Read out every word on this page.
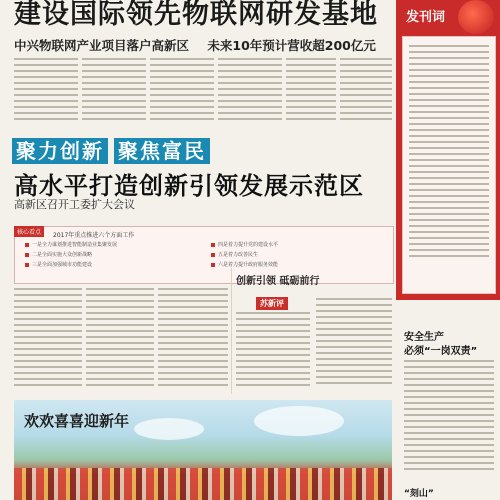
建设国际领先物联网研发基地
中兴物联网产业项目落户高新区 未来10年预计营收超200亿元
聚力创新 聚焦富民
高水平打造创新引领发展示范区
高新区召开工委扩大会议
核心看点	2017年重点推进六个方面工作
一是全力谋划推进智能制造业集聚发展
二是全面实施大众创新战略
三是全面加强城市功能建设
四是着力提升党的建设水平
五是着力改善民生
六是着力提升政府服务效能
创新引领 砥砺前行
苏新评
欢欢喜喜迎新年
发刊词
安全生产
必须“一岗双责”
“刻山”
